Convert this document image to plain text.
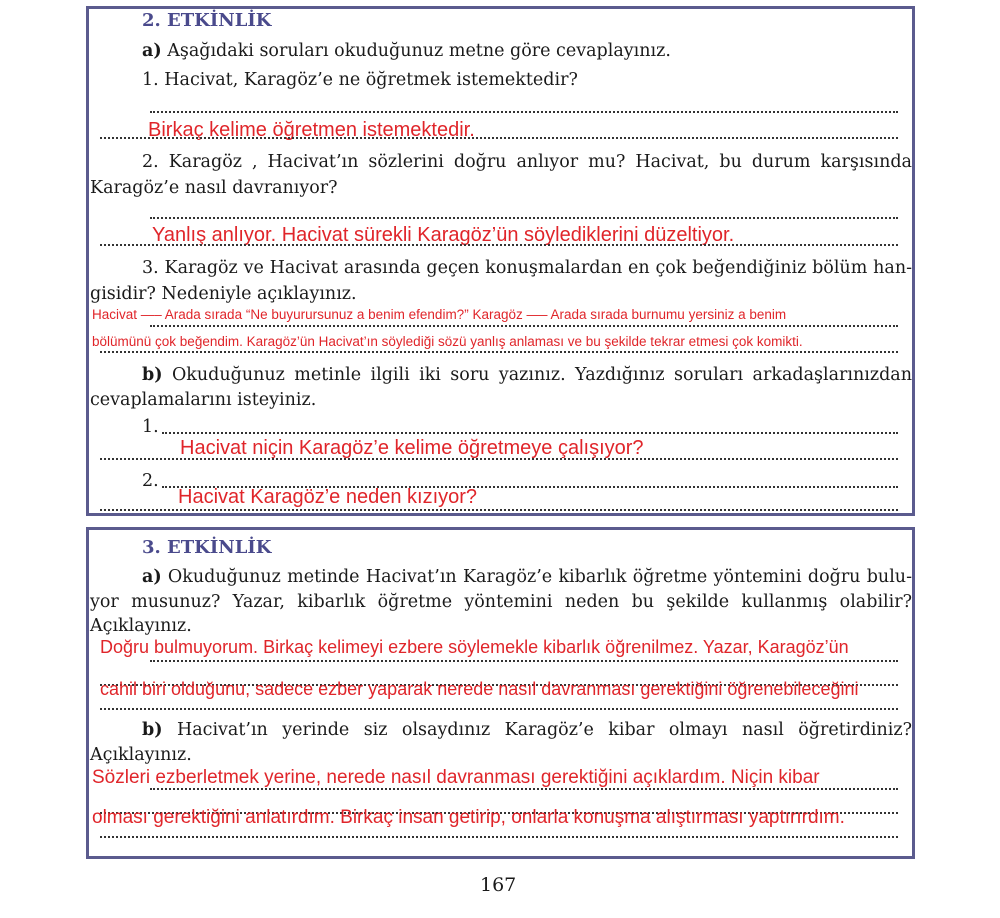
2. ETKİNLİK
a) Aşağıdaki soruları okuduğunuz metne göre cevaplayınız.
1. Hacivat, Karagöz’e ne öğretmek istemektedir?
Birkaç kelime öğretmen istemektedir.
2. Karagöz , Hacivat’ın sözlerini doğru anlıyor mu? Hacivat, bu durum karşısında
Karagöz’e nasıl davranıyor?
Yanlış anlıyor. Hacivat sürekli Karagöz’ün söylediklerini düzeltiyor.
3. Karagöz ve Hacivat arasında geçen konuşmalardan en çok beğendiğiniz bölüm han-
gisidir? Nedeniyle açıklayınız.
Hacivat —– Arada sırada “Ne buyurursunuz a benim efendim?” Karagöz —– Arada sırada burnumu yersiniz a benim
bölümünü çok beğendim. Karagöz’ün Hacivat’ın söylediği sözü yanlış anlaması ve bu şekilde tekrar etmesi çok komikti.
b) Okuduğunuz metinle ilgili iki soru yazınız. Yazdığınız soruları arkadaşlarınızdan
cevaplamalarını isteyiniz.
1.
Hacivat niçin Karagöz’e kelime öğretmeye çalışıyor?
2.
Hacivat Karagöz’e neden kızıyor?
3. ETKİNLİK
a) Okuduğunuz metinde Hacivat’ın Karagöz’e kibarlık öğretme yöntemini doğru bulu-
yor musunuz? Yazar, kibarlık öğretme yöntemini neden bu şekilde kullanmış olabilir?
Açıklayınız.
Doğru bulmuyorum. Birkaç kelimeyi ezbere söylemekle kibarlık öğrenilmez. Yazar, Karagöz’ün
cahil biri olduğunu, sadece ezber yaparak nerede nasıl davranması gerektiğini öğrenebileceğini
b) Hacivat’ın yerinde siz olsaydınız Karagöz’e kibar olmayı nasıl öğretirdiniz?
Açıklayınız.
Sözleri ezberletmek yerine, nerede nasıl davranması gerektiğini açıklardım. Niçin kibar
olması gerektiğini anlatırdım. Birkaç insan getirip, onlarla konuşma alıştırması yaptırırdım.
167
